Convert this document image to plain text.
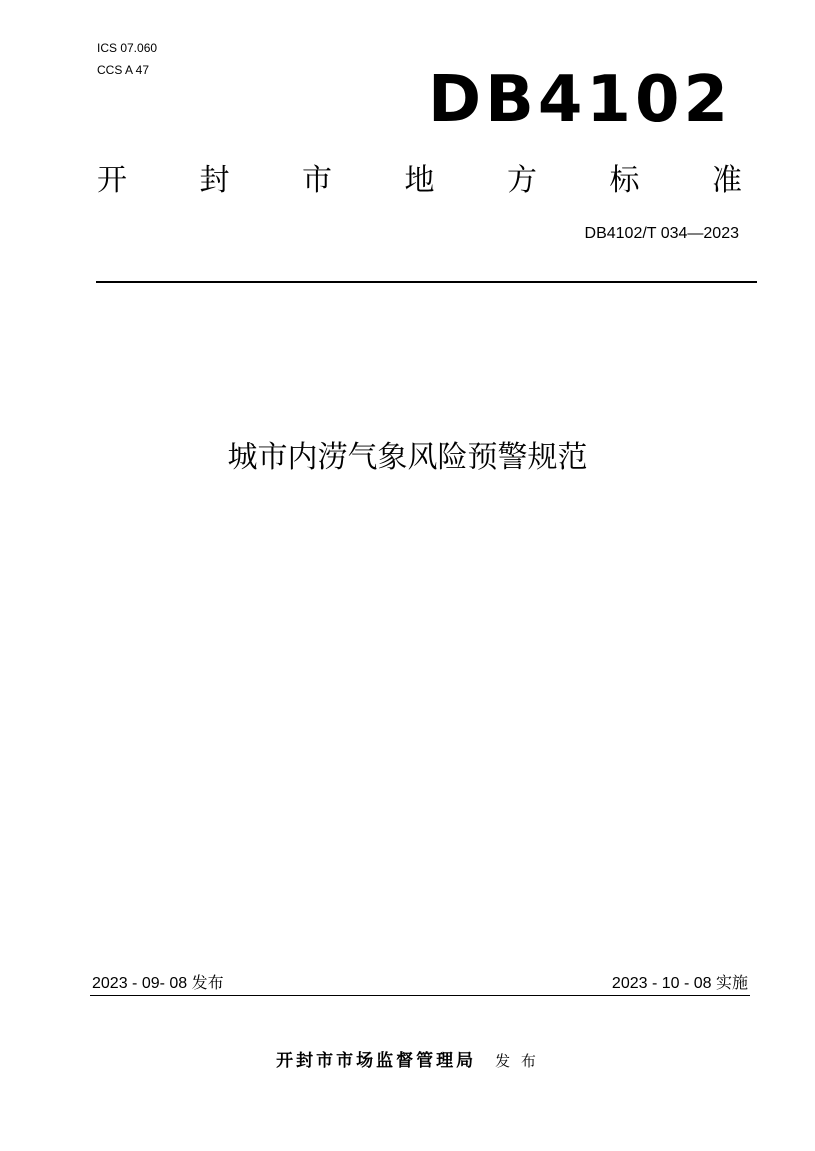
ICS 07.060
CCS A 47	DB4102
开 封 市 地 方 标 准
DB4102/T 034—2023
城市内涝气象风险预警规范
2023 - 09- 08 发布	2023 - 10 - 08 实施
开封市市场监督管理局 发 布
